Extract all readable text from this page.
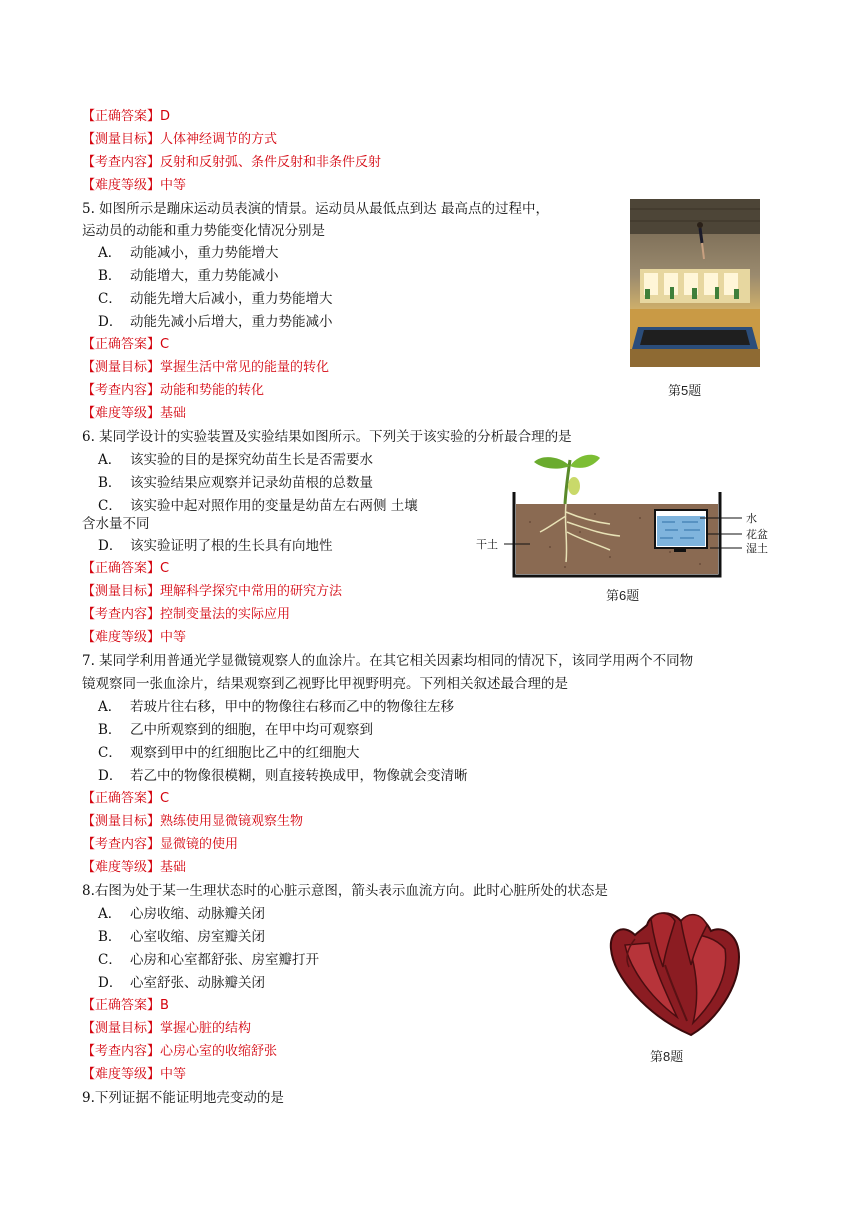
【正确答案】D
【测量目标】人体神经调节的方式
【考查内容】反射和反射弧、条件反射和非条件反射
【难度等级】中等
5. 如图所示是蹦床运动员表演的情景。运动员从最低点到达 最高点的过程中，
运动员的动能和重力势能变化情况分别是
A． 动能减小，重力势能增大
B． 动能增大，重力势能减小
C． 动能先增大后减小，重力势能增大
D． 动能先减小后增大，重力势能减小
【正确答案】C
【测量目标】掌握生活中常见的能量的转化
【考查内容】动能和势能的转化
【难度等级】基础
第5题
6. 某同学设计的实验装置及实验结果如图所示。下列关于该实验的分析最合理的是
A． 该实验的目的是探究幼苗生长是否需要水
B． 该实验结果应观察并记录幼苗根的总数量
C． 该实验中起对照作用的变量是幼苗左右两侧 土壤
含水量不同
D． 该实验证明了根的生长具有向地性
【正确答案】C
【测量目标】理解科学探究中常用的研究方法
【考查内容】控制变量法的实际应用
【难度等级】中等
干土
水
花盆
湿土
第6题
7. 某同学利用普通光学显微镜观察人的血涂片。在其它相关因素均相同的情况下，该同学用两个不同物
镜观察同一张血涂片，结果观察到乙视野比甲视野明亮。下列相关叙述最合理的是
A． 若玻片往右移，甲中的物像往右移而乙中的物像往左移
B． 乙中所观察到的细胞，在甲中均可观察到
C． 观察到甲中的红细胞比乙中的红细胞大
D． 若乙中的物像很模糊，则直接转换成甲，物像就会变清晰
【正确答案】C
【测量目标】熟练使用显微镜观察生物
【考查内容】显微镜的使用
【难度等级】基础
8.右图为处于某一生理状态时的心脏示意图，箭头表示血流方向。此时心脏所处的状态是
A． 心房收缩、动脉瓣关闭
B． 心室收缩、房室瓣关闭
C． 心房和心室都舒张、房室瓣打开
D． 心室舒张、动脉瓣关闭
【正确答案】B
【测量目标】掌握心脏的结构
【考查内容】心房心室的收缩舒张
【难度等级】中等
第8题
9.下列证据不能证明地壳变动的是
